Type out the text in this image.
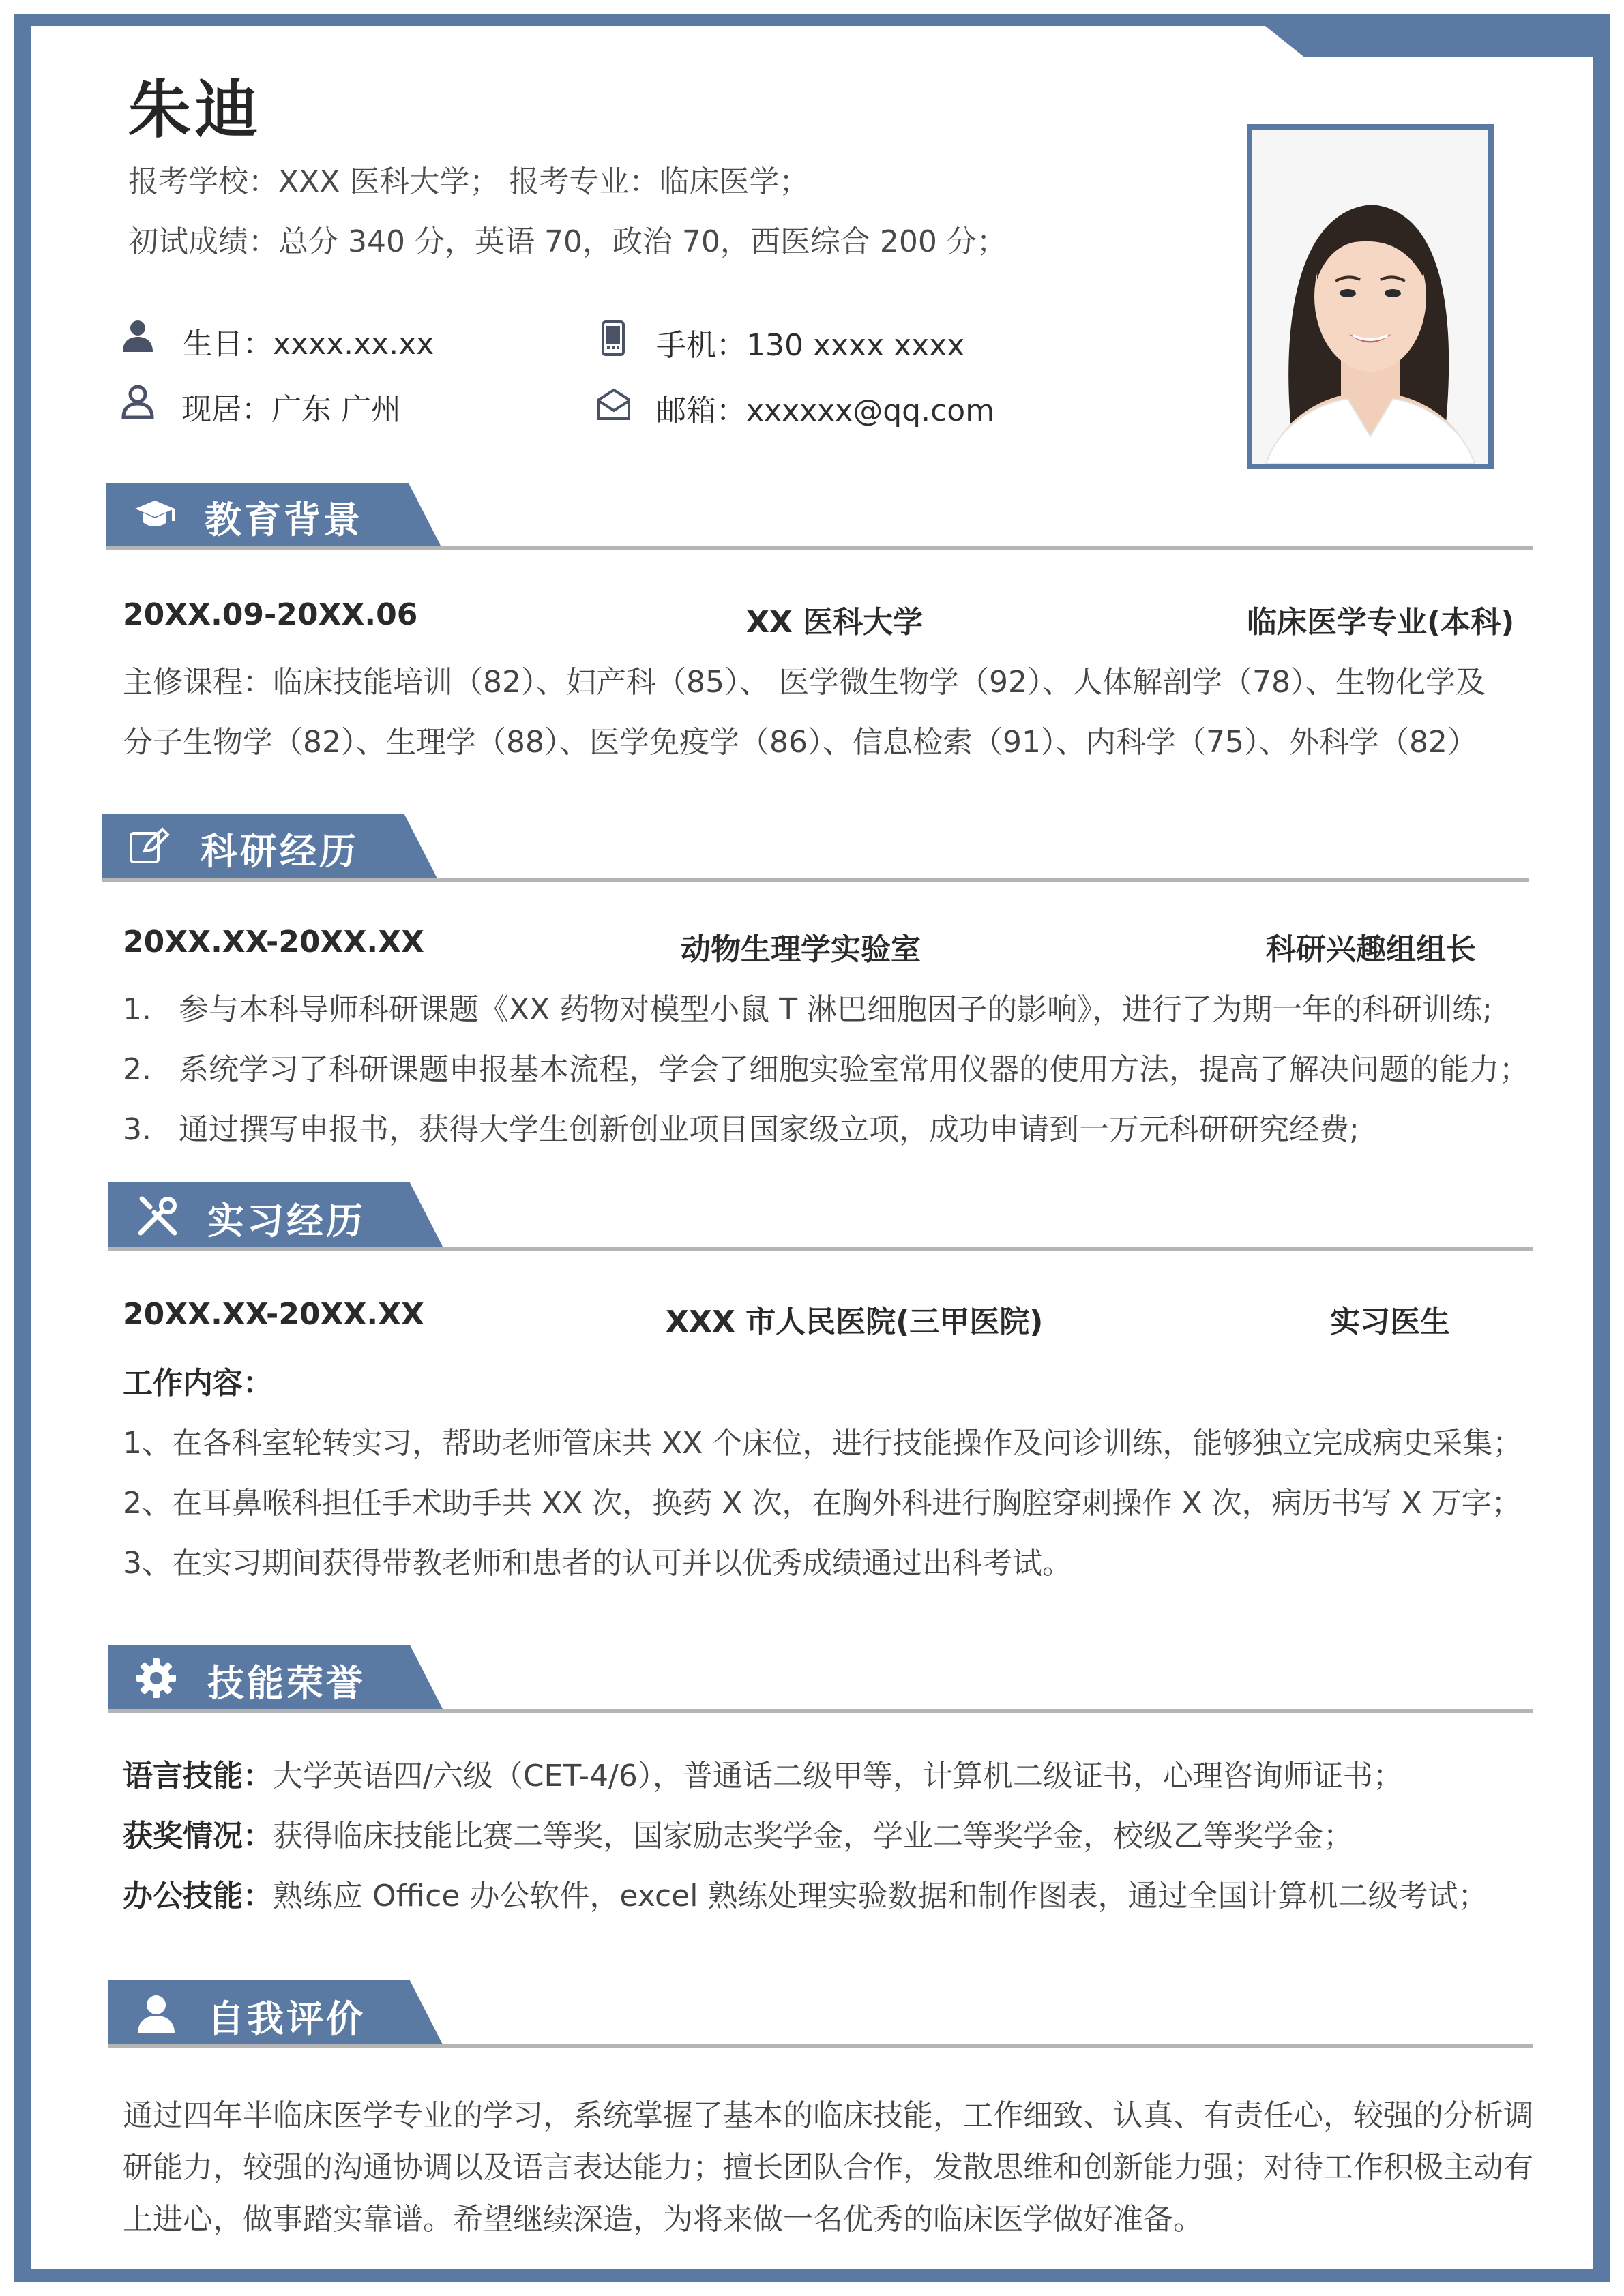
朱迪
报考学校：XXX 医科大学； 报考专业：临床医学；
初试成绩：总分 340 分，英语 70，政治 70，西医综合 200 分；
生日：xxxx.xx.xx	手机：130 xxxx xxxx
现居：广东 广州	邮箱：xxxxxx@qq.com
教育背景
20XX.09-20XX.06	XX 医科大学	临床医学专业(本科)
主修课程：临床技能培训（82）、妇产科（85）、 医学微生物学（92）、人体解剖学（78）、生物化学及
分子生物学（82）、生理学（88）、医学免疫学（86）、信息检索（91）、内科学（75）、外科学（82）
科研经历
20XX.XX-20XX.XX	动物生理学实验室	科研兴趣组组长
1. 参与本科导师科研课题《XX 药物对模型小鼠 T 淋巴细胞因子的影响》，进行了为期一年的科研训练;
2. 系统学习了科研课题申报基本流程，学会了细胞实验室常用仪器的使用方法，提高了解决问题的能力；
3. 通过撰写申报书，获得大学生创新创业项目国家级立项，成功申请到一万元科研研究经费;
实习经历
20XX.XX-20XX.XX	XXX 市人民医院(三甲医院)	实习医生
工作内容：
1、在各科室轮转实习，帮助老师管床共 XX 个床位，进行技能操作及问诊训练，能够独立完成病史采集；
2、在耳鼻喉科担任手术助手共 XX 次，换药 X 次，在胸外科进行胸腔穿刺操作 X 次，病历书写 X 万字；
3、在实习期间获得带教老师和患者的认可并以优秀成绩通过出科考试。
技能荣誉
语言技能：大学英语四/六级（CET-4/6），普通话二级甲等，计算机二级证书，心理咨询师证书；
获奖情况：获得临床技能比赛二等奖，国家励志奖学金，学业二等奖学金，校级乙等奖学金；
办公技能：熟练应 Office 办公软件，excel 熟练处理实验数据和制作图表，通过全国计算机二级考试；
自我评价
通过四年半临床医学专业的学习，系统掌握了基本的临床技能，工作细致、认真、有责任心，较强的分析调
研能力，较强的沟通协调以及语言表达能力；擅长团队合作，发散思维和创新能力强；对待工作积极主动有
上进心，做事踏实靠谱。希望继续深造，为将来做一名优秀的临床医学做好准备。
